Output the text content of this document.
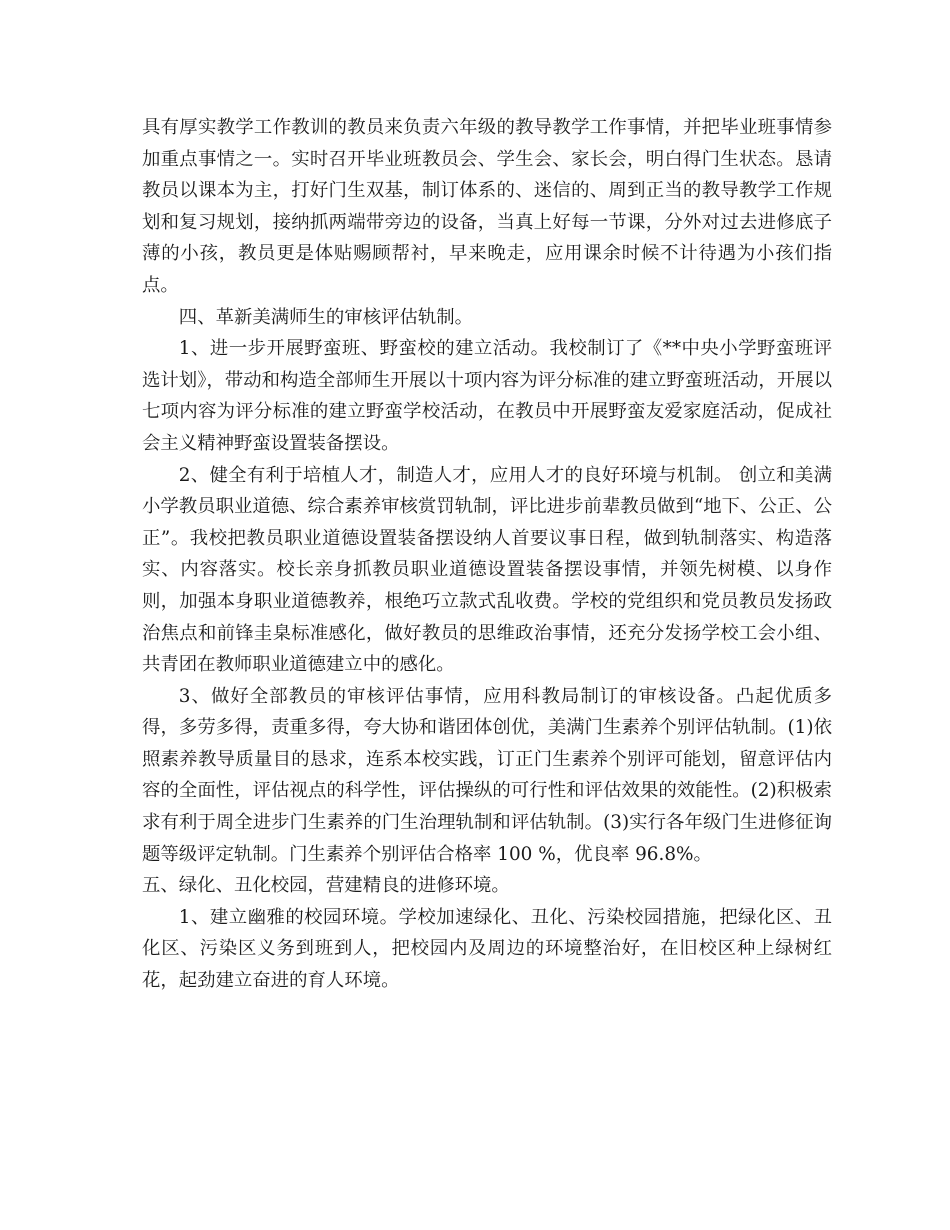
具有厚实教学工作教训的教员来负责六年级的教导教学工作事情，并把毕业班事情参加重点事情之一。实时召开毕业班教员会、学生会、家长会，明白得门生状态。恳请教员以课本为主，打好门生双基，制订体系的、迷信的、周到正当的教导教学工作规划和复习规划，接纳抓两端带旁边的设备，当真上好每一节课，分外对过去进修底子薄的小孩，教员更是体贴赐顾帮衬，早来晚走，应用课余时候不计待遇为小孩们指点。

四、革新美满师生的审核评估轨制。

1、进一步开展野蛮班、野蛮校的建立活动。我校制订了《**中央小学野蛮班评选计划》，带动和构造全部师生开展以十项内容为评分标准的建立野蛮班活动，开展以七项内容为评分标准的建立野蛮学校活动，在教员中开展野蛮友爱家庭活动，促成社会主义精神野蛮设置装备摆设。

2、健全有利于培植人才，制造人才，应用人才的良好环境与机制。 创立和美满小学教员职业道德、综合素养审核赏罚轨制，评比进步前辈教员做到“地下、公正、公正”。我校把教员职业道德设置装备摆设纳人首要议事日程，做到轨制落实、构造落实、内容落实。校长亲身抓教员职业道德设置装备摆设事情，并领先树模、以身作则，加强本身职业道德教养，根绝巧立款式乱收费。学校的党组织和党员教员发扬政治焦点和前锋圭臬标准感化，做好教员的思维政治事情，还充分发扬学校工会小组、共青团在教师职业道德建立中的感化。

3、做好全部教员的审核评估事情，应用科教局制订的审核设备。凸起优质多得，多劳多得，责重多得，夸大协和谐团体创优，美满门生素养个别评估轨制。(1)依照素养教导质量目的恳求，连系本校实践，订正门生素养个别评可能划，留意评估内容的全面性，评估视点的科学性，评估操纵的可行性和评估效果的效能性。(2)积极索求有利于周全进步门生素养的门生治理轨制和评估轨制。(3)实行各年级门生进修征询题等级评定轨制。门生素养个别评估合格率 100 %，优良率 96.8%。

五、绿化、丑化校园，营建精良的进修环境。

1、建立幽雅的校园环境。学校加速绿化、丑化、污染校园措施，把绿化区、丑化区、污染区义务到班到人，把校园内及周边的环境整治好，在旧校区种上绿树红花，起劲建立奋进的育人环境。
